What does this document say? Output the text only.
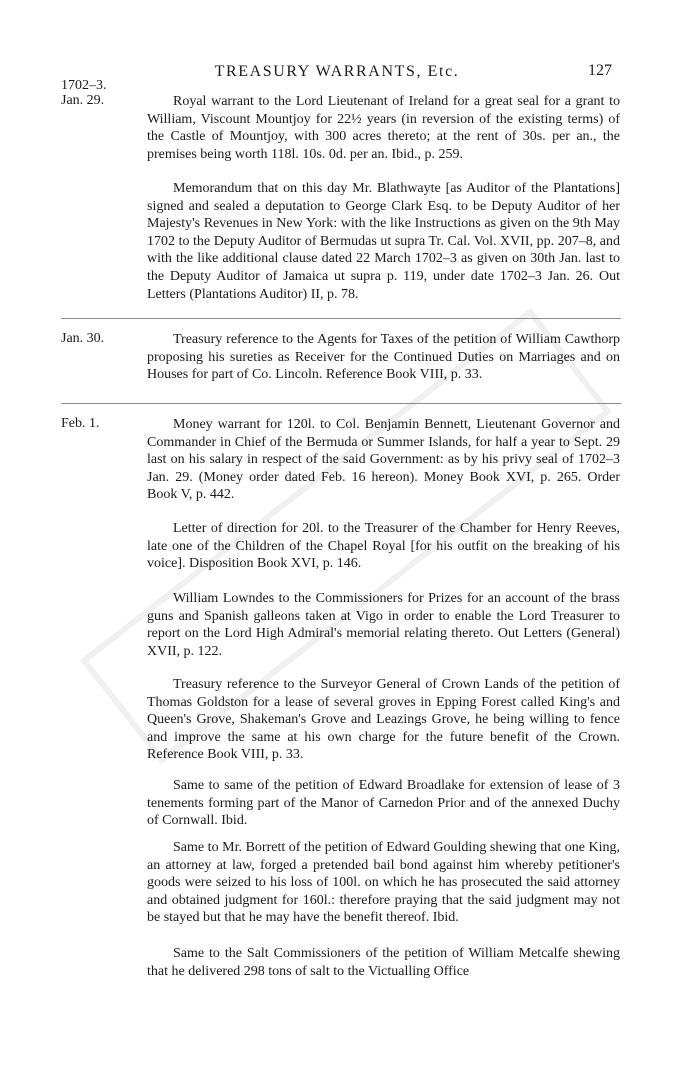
TREASURY WARRANTS, Etc.	127
1702–3.
Jan. 29.	Royal warrant to the Lord Lieutenant of Ireland for a great seal for a grant to William, Viscount Mountjoy for 22½ years (in reversion of the existing terms) of the Castle of Mountjoy, with 300 acres thereto; at the rent of 30s. per an., the premises being worth 118l. 10s. 0d. per an. Ibid., p. 259.

Memorandum that on this day Mr. Blathwayte [as Auditor of the Plantations] signed and sealed a deputation to George Clark Esq. to be Deputy Auditor of her Majesty's Revenues in New York: with the like Instructions as given on the 9th May 1702 to the Deputy Auditor of Bermudas ut supra Tr. Cal. Vol. XVII, pp. 207–8, and with the like additional clause dated 22 March 1702–3 as given on 30th Jan. last to the Deputy Auditor of Jamaica ut supra p. 119, under date 1702–3 Jan. 26. Out Letters (Plantations Auditor) II, p. 78.

Jan. 30.	Treasury reference to the Agents for Taxes of the petition of William Cawthorp proposing his sureties as Receiver for the Continued Duties on Marriages and on Houses for part of Co. Lincoln. Reference Book VIII, p. 33.

Feb. 1.	Money warrant for 120l. to Col. Benjamin Bennett, Lieutenant Governor and Commander in Chief of the Bermuda or Summer Islands, for half a year to Sept. 29 last on his salary in respect of the said Government: as by his privy seal of 1702–3 Jan. 29. (Money order dated Feb. 16 hereon). Money Book XVI, p. 265. Order Book V, p. 442.

Letter of direction for 20l. to the Treasurer of the Chamber for Henry Reeves, late one of the Children of the Chapel Royal [for his outfit on the breaking of his voice]. Disposition Book XVI, p. 146.

William Lowndes to the Commissioners for Prizes for an account of the brass guns and Spanish galleons taken at Vigo in order to enable the Lord Treasurer to report on the Lord High Admiral's memorial relating thereto. Out Letters (General) XVII, p. 122.

Treasury reference to the Surveyor General of Crown Lands of the petition of Thomas Goldston for a lease of several groves in Epping Forest called King's and Queen's Grove, Shakeman's Grove and Leazings Grove, he being willing to fence and improve the same at his own charge for the future benefit of the Crown. Reference Book VIII, p. 33.

Same to same of the petition of Edward Broadlake for extension of lease of 3 tenements forming part of the Manor of Carnedon Prior and of the annexed Duchy of Cornwall. Ibid.

Same to Mr. Borrett of the petition of Edward Goulding shewing that one King, an attorney at law, forged a pretended bail bond against him whereby petitioner's goods were seized to his loss of 100l. on which he has prosecuted the said attorney and obtained judgment for 160l.: therefore praying that the said judgment may not be stayed but that he may have the benefit thereof. Ibid.

Same to the Salt Commissioners of the petition of William Metcalfe shewing that he delivered 298 tons of salt to the Victualling Office
